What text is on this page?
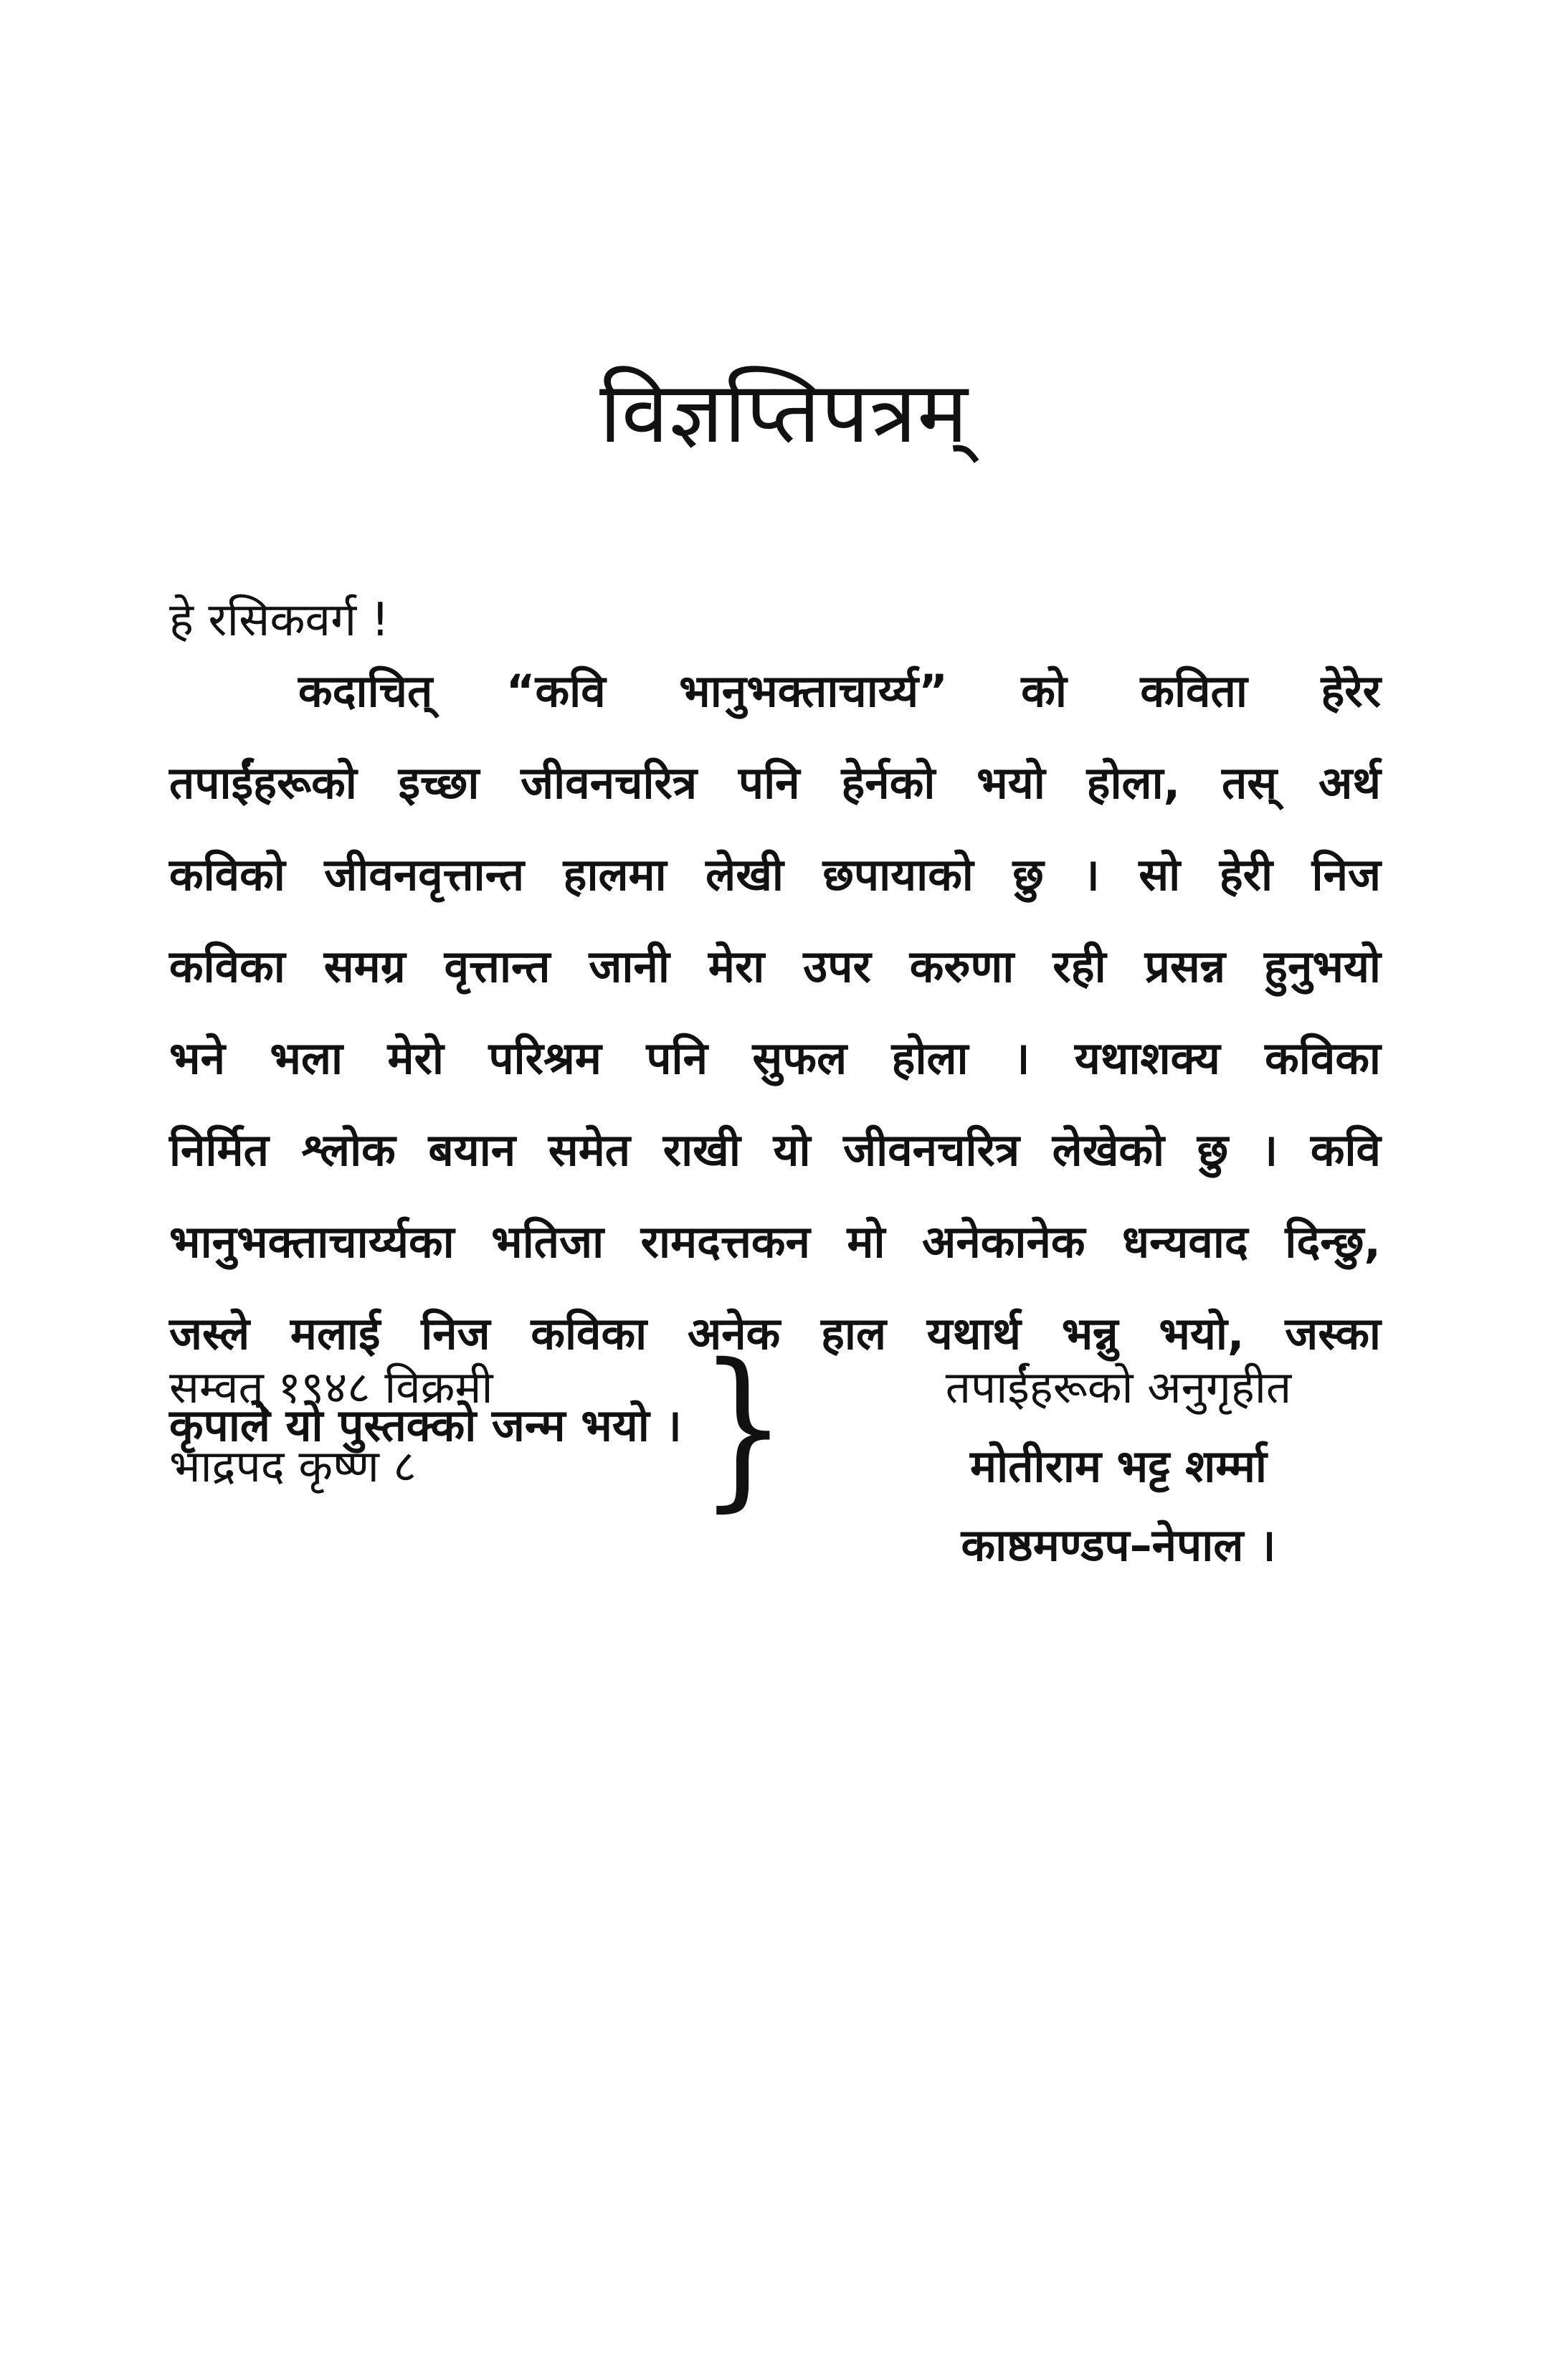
विज्ञप्तिपत्रम्
हे रसिकवर्ग !
कदाचित् “कवि भानुभक्ताचार्य्य” को कविता हेरेर
तपाईंहरूको इच्छा जीवनचरित्र पनि हेर्नको भयो होला, तस् अर्थ
कविको जीवनवृत्तान्त हालमा लेखी छपायाको छु । सो हेरी निज
कविका समग्र वृत्तान्त जानी मेरा उपर करुणा रही प्रसन्न हुनुभयो
भने भला मेरो परिश्रम पनि सुफल होला । यथाशक्य कविका
निर्मित श्लोक बयान समेत राखी यो जीवनचरित्र लेखेको छु । कवि
भानुभक्ताचार्य्यका भतिजा रामदत्तकन मो अनेकानेक धन्यवाद दिन्छु,
जस्ले मलाई निज कविका अनेक हाल यथार्थ भन्नु भयो, जस्का
कृपाले यो पुस्तक्को जन्म भयो ।
सम्वत् १९४८ विक्रमी
भाद्रपद कृष्ण ८	}	तपाईंहरूको अनुगृहीत
मोतीराम भट्ट शर्म्मा
काष्ठमण्डप–नेपाल ।
